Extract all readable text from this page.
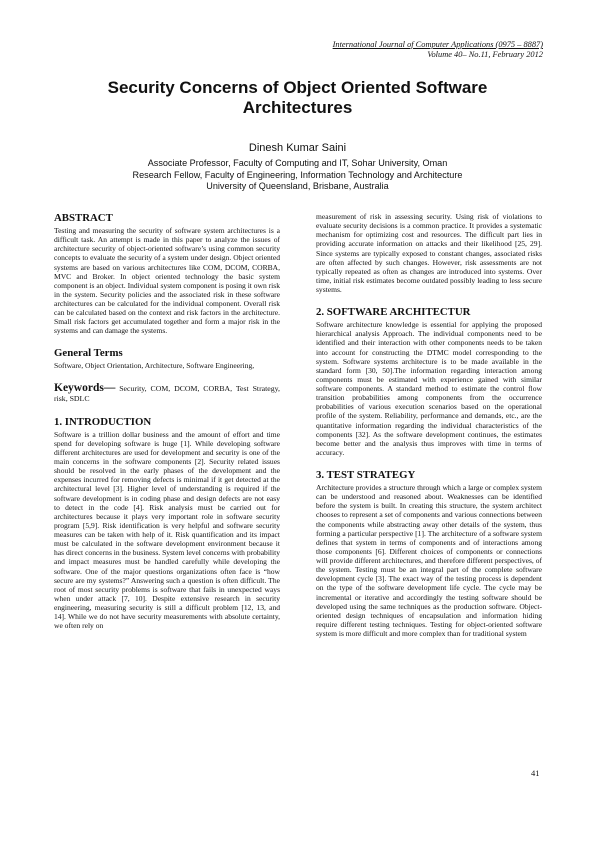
International Journal of Computer Applications (0975 – 8887)
Volume 40– No.11, February 2012
Security Concerns of Object Oriented Software
Architectures
Dinesh Kumar Saini
Associate Professor, Faculty of Computing and IT, Sohar University, Oman
Research Fellow, Faculty of Engineering, Information Technology and Architecture
University of Queensland, Brisbane, Australia
ABSTRACT

Testing and measuring the security of software system architectures is a difficult task. An attempt is made in this paper to analyze the issues of architecture security of object-oriented software’s using common security concepts to evaluate the security of a system under design. Object oriented systems are based on various architectures like COM, DCOM, CORBA, MVC and Broker. In object oriented technology the basic system component is an object. Individual system component is posing it own risk in the system. Security policies and the associated risk in these software architectures can be calculated for the individual component. Overall risk can be calculated based on the context and risk factors in the architecture. Small risk factors get accumulated together and form a major risk in the systems and can damage the systems.

General Terms

Software, Object Orientation, Architecture, Software Engineering,

Keywords— Security, COM, DCOM, CORBA, Test Strategy, risk, SDLC

1. INTRODUCTION

Software is a trillion dollar business and the amount of effort and time spend for developing software is huge [1]. While developing software different architectures are used for development and security is one of the main concerns in the software components [2]. Security related issues should be resolved in the early phases of the development and the expenses incurred for removing defects is minimal if it get detected at the architectural level [3]. Higher level of understanding is required if the software development is in coding phase and design defects are not easy to detect in the code [4]. Risk analysis must be carried out for architectures because it plays very important role in software security program [5,9]. Risk identification is very helpful and software security measures can be taken with help of it. Risk quantification and its impact must be calculated in the software development environment because it has direct concerns in the business. System level concerns with probability and impact measures must be handled carefully while developing the software. One of the major questions organizations often face is “how secure are my systems?” Answering such a question is often difficult. The root of most security problems is software that fails in unexpected ways when under attack [7, 10]. Despite extensive research in security engineering, measuring security is still a difficult problem [12, 13, and 14]. While we do not have security measurements with absolute certainty, we often rely on

measurement of risk in assessing security. Using risk of violations to evaluate security decisions is a common practice. It provides a systematic mechanism for optimizing cost and resources. The difficult part lies in providing accurate information on attacks and their likelihood [25, 29]. Since systems are typically exposed to constant changes, associated risks are often affected by such changes. However, risk assessments are not typically repeated as often as changes are introduced into systems. Over time, initial risk estimates become outdated possibly leading to less secure systems.

2. SOFTWARE ARCHITECTUR

Software architecture knowledge is essential for applying the proposed hierarchical analysis Approach. The individual components need to be identified and their interaction with other components needs to be taken into account for constructing the DTMC model corresponding to the system. Software systems architecture is to be made available in the standard form [30, 50].The information regarding interaction among components must be estimated with experience gained with similar software components. A standard method to estimate the control flow transition probabilities among components from the occurrence probabilities of various execution scenarios based on the operational profile of the system. Reliability, performance and demands, etc., are the quantitative information regarding the individual characteristics of the components [32]. As the software development continues, the estimates become better and the analysis thus improves with time in terms of accuracy.

3. TEST STRATEGY

Architecture provides a structure through which a large or complex system can be understood and reasoned about. Weaknesses can be identified before the system is built. In creating this structure, the system architect chooses to represent a set of components and various connections between the components while abstracting away other details of the system, thus forming a particular perspective [1]. The architecture of a software system defines that system in terms of components and of interactions among those components [6]. Different choices of components or connections will provide different architectures, and therefore different perspectives, of the system. Testing must be an integral part of the complete software development cycle [3]. The exact way of the testing process is dependent on the type of the software development life cycle. The cycle may be incremental or iterative and accordingly the testing software should be developed using the same techniques as the production software. Object-oriented design techniques of encapsulation and information hiding require different testing techniques. Testing for object-oriented software system is more difficult and more complex than for traditional system

41
